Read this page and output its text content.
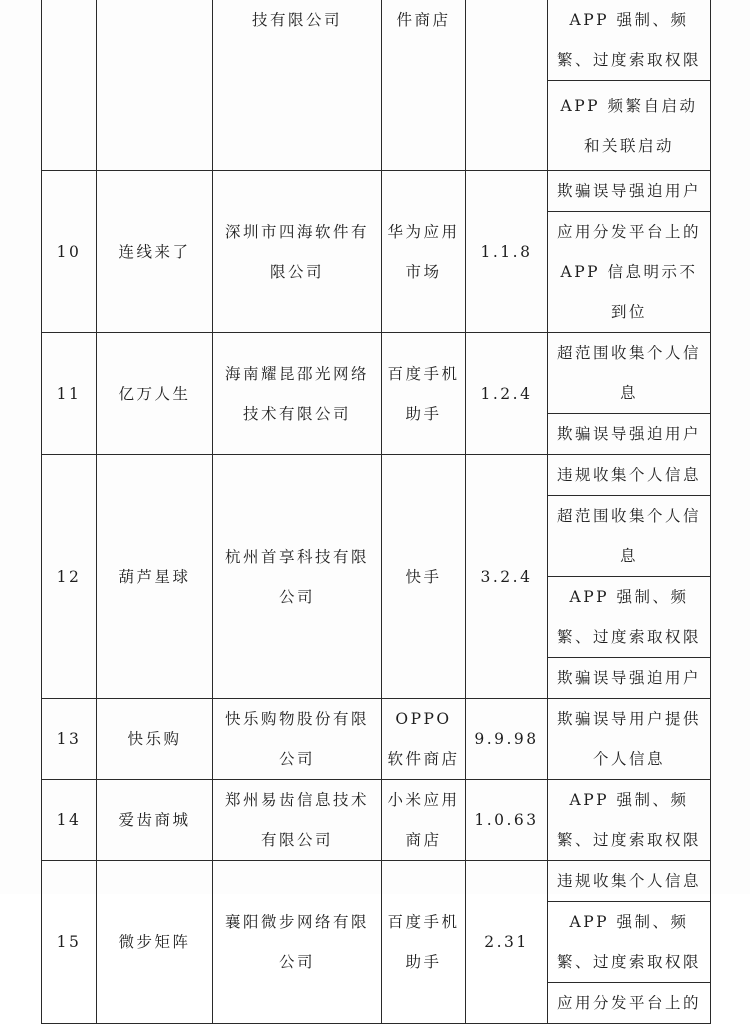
		技有限公司	件商店		APP 强制、频繁、过度索取权限
					APP 频繁自启动和关联启动
10	连线来了	深圳市四海软件有限公司	华为应用市场	1.1.8	欺骗误导强迫用户
					应用分发平台上的APP 信息明示不到位
11	亿万人生	海南耀昆邵光网络技术有限公司	百度手机助手	1.2.4	超范围收集个人信息
					欺骗误导强迫用户
12	葫芦星球	杭州首享科技有限公司	快手	3.2.4	违规收集个人信息
					超范围收集个人信息
					APP 强制、频繁、过度索取权限
					欺骗误导强迫用户
13	快乐购	快乐购物股份有限公司	OPPO 软件商店	9.9.98	欺骗误导用户提供个人信息
14	爱齿商城	郑州易齿信息技术有限公司	小米应用商店	1.0.63	APP 强制、频繁、过度索取权限
15	微步矩阵	襄阳微步网络有限公司	百度手机助手	2.31	违规收集个人信息
					APP 强制、频繁、过度索取权限
					应用分发平台上的
